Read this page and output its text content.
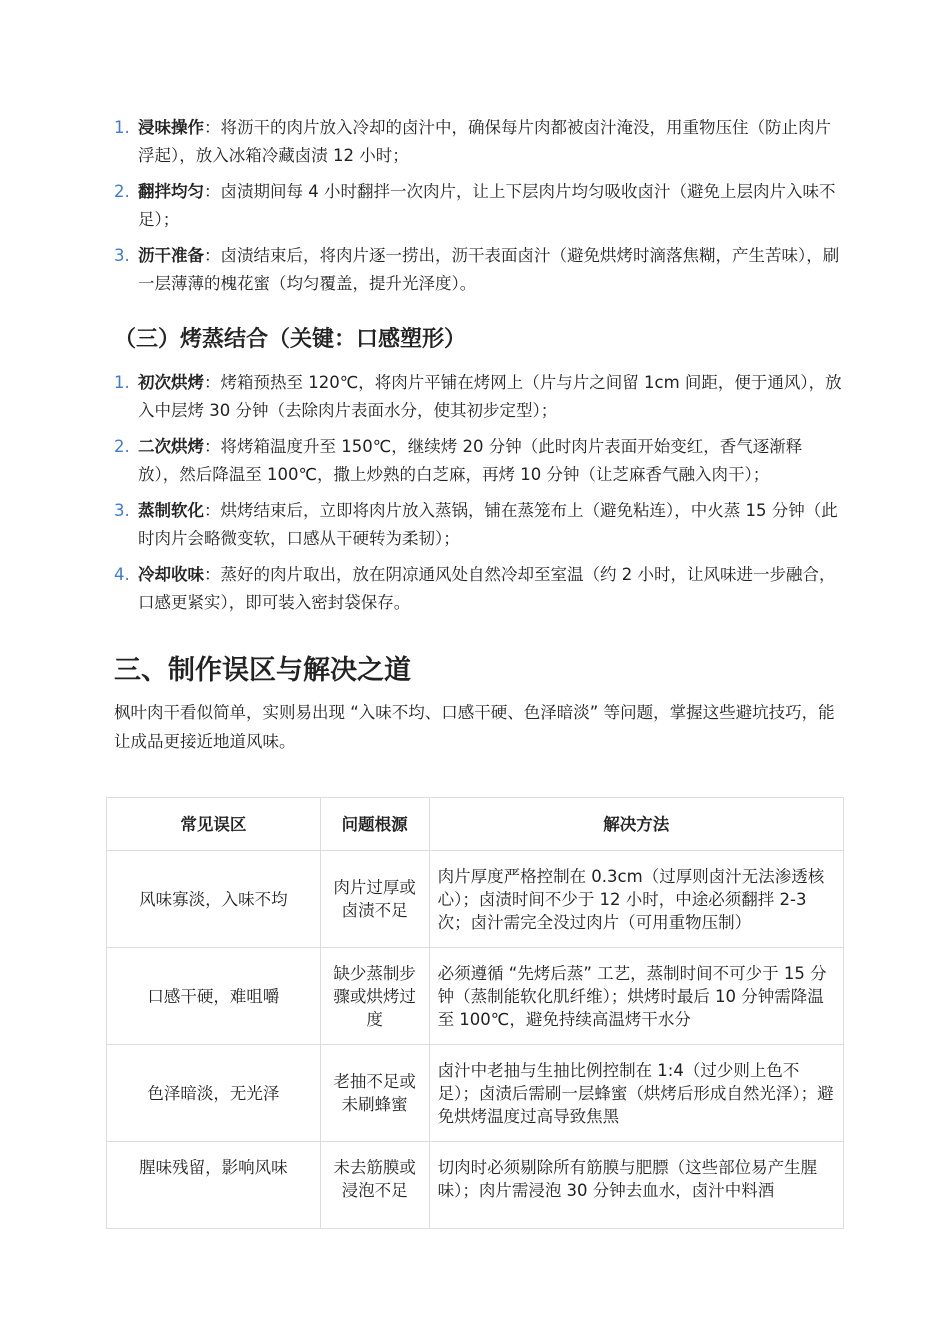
1. 浸味操作：将沥干的肉片放入冷却的卤汁中，确保每片肉都被卤汁淹没，用重物压住（防止肉片浮起），放入冰箱冷藏卤渍 12 小时；
2. 翻拌均匀：卤渍期间每 4 小时翻拌一次肉片，让上下层肉片均匀吸收卤汁（避免上层肉片入味不足）；
3. 沥干准备：卤渍结束后，将肉片逐一捞出，沥干表面卤汁（避免烘烤时滴落焦糊，产生苦味），刷一层薄薄的槐花蜜（均匀覆盖，提升光泽度）。
（三）烤蒸结合（关键：口感塑形）
1. 初次烘烤：烤箱预热至 120℃，将肉片平铺在烤网上（片与片之间留 1cm 间距，便于通风），放入中层烤 30 分钟（去除肉片表面水分，使其初步定型）；
2. 二次烘烤：将烤箱温度升至 150℃，继续烤 20 分钟（此时肉片表面开始变红，香气逐渐释放），然后降温至 100℃，撒上炒熟的白芝麻，再烤 10 分钟（让芝麻香气融入肉干）；
3. 蒸制软化：烘烤结束后，立即将肉片放入蒸锅，铺在蒸笼布上（避免粘连），中火蒸 15 分钟（此时肉片会略微变软，口感从干硬转为柔韧）；
4. 冷却收味：蒸好的肉片取出，放在阴凉通风处自然冷却至室温（约 2 小时，让风味进一步融合，口感更紧实），即可装入密封袋保存。
三、制作误区与解决之道

枫叶肉干看似简单，实则易出现 “入味不均、口感干硬、色泽暗淡” 等问题，掌握这些避坑技巧，能让成品更接近地道风味。

常见误区	问题根源	解决方法
风味寡淡，入味不均	肉片过厚或卤渍不足	肉片厚度严格控制在 0.3cm（过厚则卤汁无法渗透核心）；卤渍时间不少于 12 小时，中途必须翻拌 2-3 次；卤汁需完全没过肉片（可用重物压制）
口感干硬，难咀嚼	缺少蒸制步骤或烘烤过度	必须遵循 “先烤后蒸” 工艺，蒸制时间不可少于 15 分钟（蒸制能软化肌纤维）；烘烤时最后 10 分钟需降温至 100℃，避免持续高温烤干水分
色泽暗淡，无光泽	老抽不足或未刷蜂蜜	卤汁中老抽与生抽比例控制在 1:4（过少则上色不足）；卤渍后需刷一层蜂蜜（烘烤后形成自然光泽）；避免烘烤温度过高导致焦黑
腥味残留，影响风味	未去筋膜或浸泡不足	切肉时必须剔除所有筋膜与肥膘（这些部位易产生腥味）；肉片需浸泡 30 分钟去血水，卤汁中料酒
